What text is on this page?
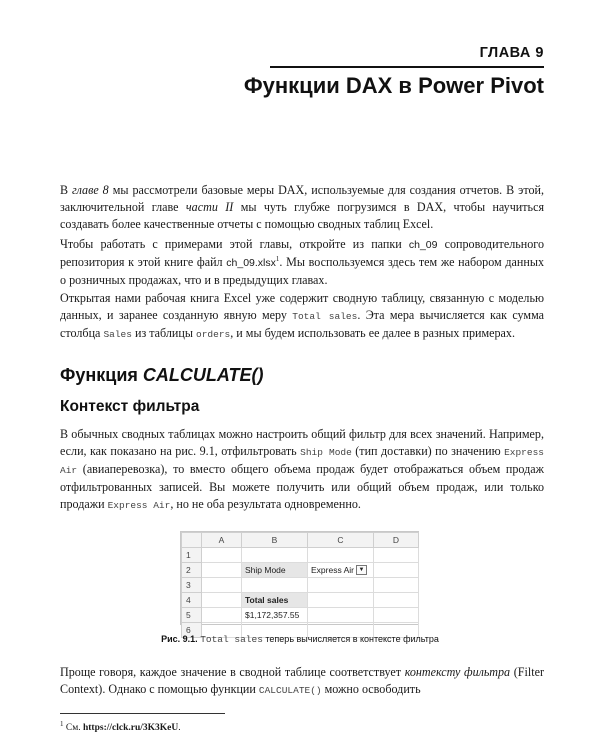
ГЛАВА 9
Функции DAX в Power Pivot

В главе 8 мы рассмотрели базовые меры DAX, используемые для создания отчетов. В этой, заключительной главе части II мы чуть глубже погрузимся в DAX, чтобы научиться создавать более качественные отчеты с помощью сводных таблиц Excel.

Чтобы работать с примерами этой главы, откройте из папки ch_09 сопроводительного репозитория к этой книге файл ch_09.xlsx$^1$. Мы воспользуемся здесь тем же набором данных о розничных продажах, что и в предыдущих главах.

Открытая нами рабочая книга Excel уже содержит сводную таблицу, связанную с моделью данных, и заранее созданную явную меру Total sales. Эта мера вычисляется как сумма столбца Sales из таблицы orders, и мы будем использовать ее далее в разных примерах.

Функция CALCULATE()
Контекст фильтра

В обычных сводных таблицах можно настроить общий фильтр для всех значений. Например, если, как показано на рис. 9.1, отфильтровать Ship Mode (тип доставки) по значению Express Air (авиаперевозка), то вместо общего объема продаж будет отображаться объем продаж отфильтрованных записей. Вы можете получить или общий объем продаж, или только продажи Express Air, но не оба результата одновременно.

	A	B	C	D
1				
2		Ship Mode	Express Air ▼	
3				
4		Total sales		
5		$1,172,357.55		
6				
Рис. 9.1. Total sales теперь вычисляется в контексте фильтра

Проще говоря, каждое значение в сводной таблице соответствует контексту фильтра (Filter Context). Однако с помощью функции CALCULATE() можно освободить

$^1$ См. https://clck.ru/3K3KeU.
